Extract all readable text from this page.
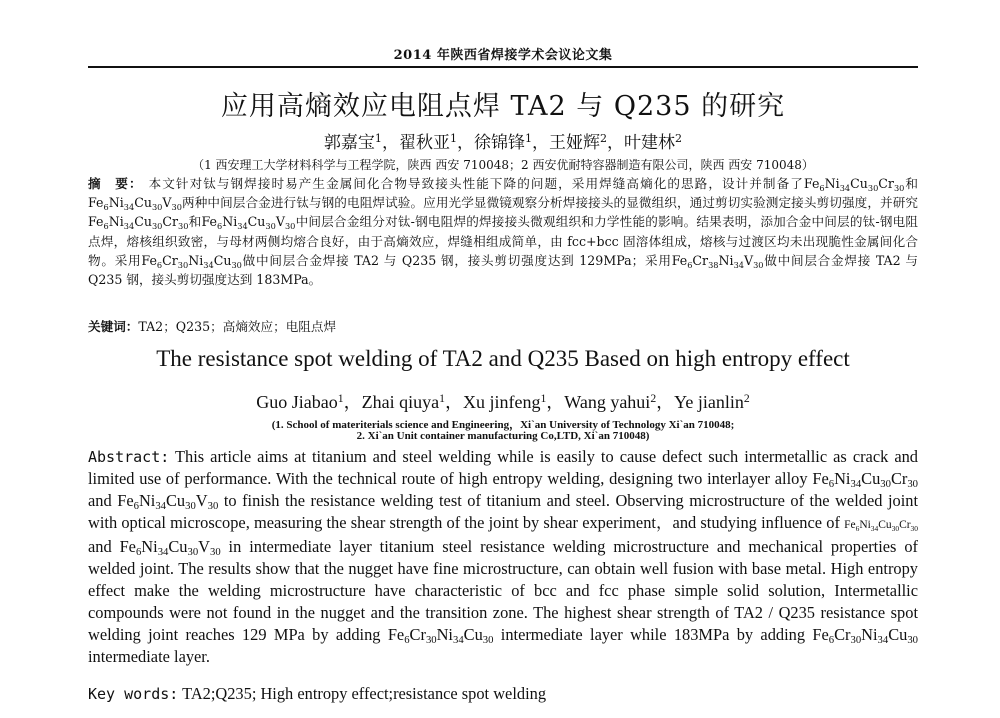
2014 年陕西省焊接学术会议论文集
应用高熵效应电阻点焊 TA2 与 Q235 的研究
郭嘉宝$^1$，翟秋亚$^1$，徐锦锋$^1$，王娅辉$^2$，叶建林$^2$
（1 西安理工大学材料科学与工程学院，陕西 西安 710048；2 西安优耐特容器制造有限公司，陕西 西安 710048）
摘　要： 本文针对钛与钢焊接时易产生金属间化合物导致接头性能下降的问题，采用焊缝高熵化的思路，设计并制备了$Fe_6Ni_{34}Cu_{30}Cr_{30}$和$Fe_6Ni_{34}Cu_{30}V_{30}$两种中间层合金进行钛与钢的电阻焊试验。应用光学显微镜观察分析焊接接头的显微组织，通过剪切实验测定接头剪切强度，并研究$Fe_6Ni_{34}Cu_{30}Cr_{30}$和$Fe_6Ni_{34}Cu_{30}V_{30}$中间层合金组分对钛-钢电阻焊的焊接接头微观组织和力学性能的影响。结果表明，添加合金中间层的钛-钢电阻点焊，熔核组织致密，与母材两侧均熔合良好，由于高熵效应，焊缝相组成简单，由 fcc+bcc 固溶体组成，熔核与过渡区均未出现脆性金属间化合物。采用$Fe_6Cr_{30}Ni_{34}Cu_{30}$做中间层合金焊接 TA2 与 Q235 钢，接头剪切强度达到 129MPa；采用$Fe_6Cr_{38}Ni_{34}V_{30}$做中间层合金焊接 TA2 与 Q235 钢，接头剪切强度达到 183MPa。
关键词：TA2；Q235；高熵效应；电阻点焊
The resistance spot welding of TA2 and Q235 Based on high entropy effect
Guo Jiabao$^1$，Zhai qiuya$^1$，Xu jinfeng$^1$，Wang yahui$^2$，Ye jianlin$^2$
(1. School of materiterials science and Engineering，Xi`an University of Technology Xi`an 710048;
2. Xi`an Unit container manufacturing Co,LTD, Xi`an 710048)
Abstract: This article aims at titanium and steel welding while is easily to cause defect such intermetallic as crack and limited use of performance. With the technical route of high entropy welding, designing two interlayer alloy $Fe_6Ni_{34}Cu_{30}Cr_{30}$ and $Fe_6Ni_{34}Cu_{30}V_{30}$ to finish the resistance welding test of titanium and steel. Observing microstructure of the welded joint with optical microscope, measuring the shear strength of the joint by shear experiment，and studying influence of $Fe_6Ni_{34}Cu_{30}Cr_{30}$ and $Fe_6Ni_{34}Cu_{30}V_{30}$ in intermediate layer titanium steel resistance welding microstructure and mechanical properties of welded joint. The results show that the nugget have fine microstructure, can obtain well fusion with base metal. High entropy effect make the welding microstructure have characteristic of bcc and fcc phase simple solid solution, Intermetallic compounds were not found in the nugget and the transition zone. The highest shear strength of TA2 / Q235 resistance spot welding joint reaches 129 MPa by adding $Fe_6Cr_{30}Ni_{34}Cu_{30}$ intermediate layer while 183MPa by adding $Fe_6Cr_{30}Ni_{34}Cu_{30}$ intermediate layer.
Key words: TA2;Q235; High entropy effect;resistance spot welding
